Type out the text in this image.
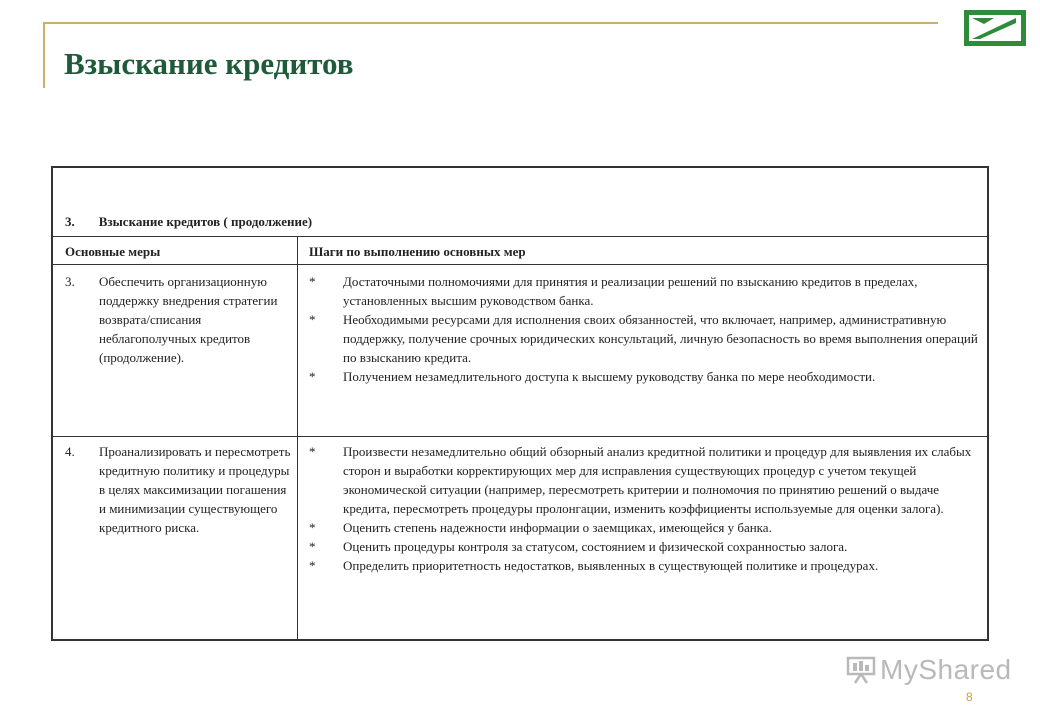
Взыскание кредитов
3. Взыскание кредитов ( продолжение)
Основные меры	Шаги по выполнению основных мер
3. Обеспечить организационную поддержку внедрения стратегии возврата/списания неблагополучных кредитов (продолжение).
* Достаточными полномочиями для принятия и реализации решений по взысканию кредитов в пределах, установленных высшим руководством банка.
* Необходимыми ресурсами для исполнения своих обязанностей, что включает, например, административную поддержку, получение срочных юридических консультаций, личную безопасность во время выполнения операций по взысканию кредита.
* Получением незамедлительного доступа к высшему руководству банка по мере необходимости.
4. Проанализировать и пересмотреть кредитную политику и процедуры в целях максимизации погашения и минимизации существующего кредитного риска.
* Произвести незамедлительно общий обзорный анализ кредитной политики и процедур для выявления их слабых сторон и выработки корректирующих мер для исправления существующих процедур с учетом текущей экономической ситуации (например, пересмотреть критерии и полномочия по принятию решений о выдаче кредита, пересмотреть процедуры пролонгации, изменить коэффициенты используемые для оценки залога).
* Оценить степень надежности информации о заемщиках, имеющейся у банка.
* Оценить процедуры контроля за статусом, состоянием и физической сохранностью залога.
* Определить приоритетность недостатков, выявленных в существующей политике и процедурах.
MyShared
8
